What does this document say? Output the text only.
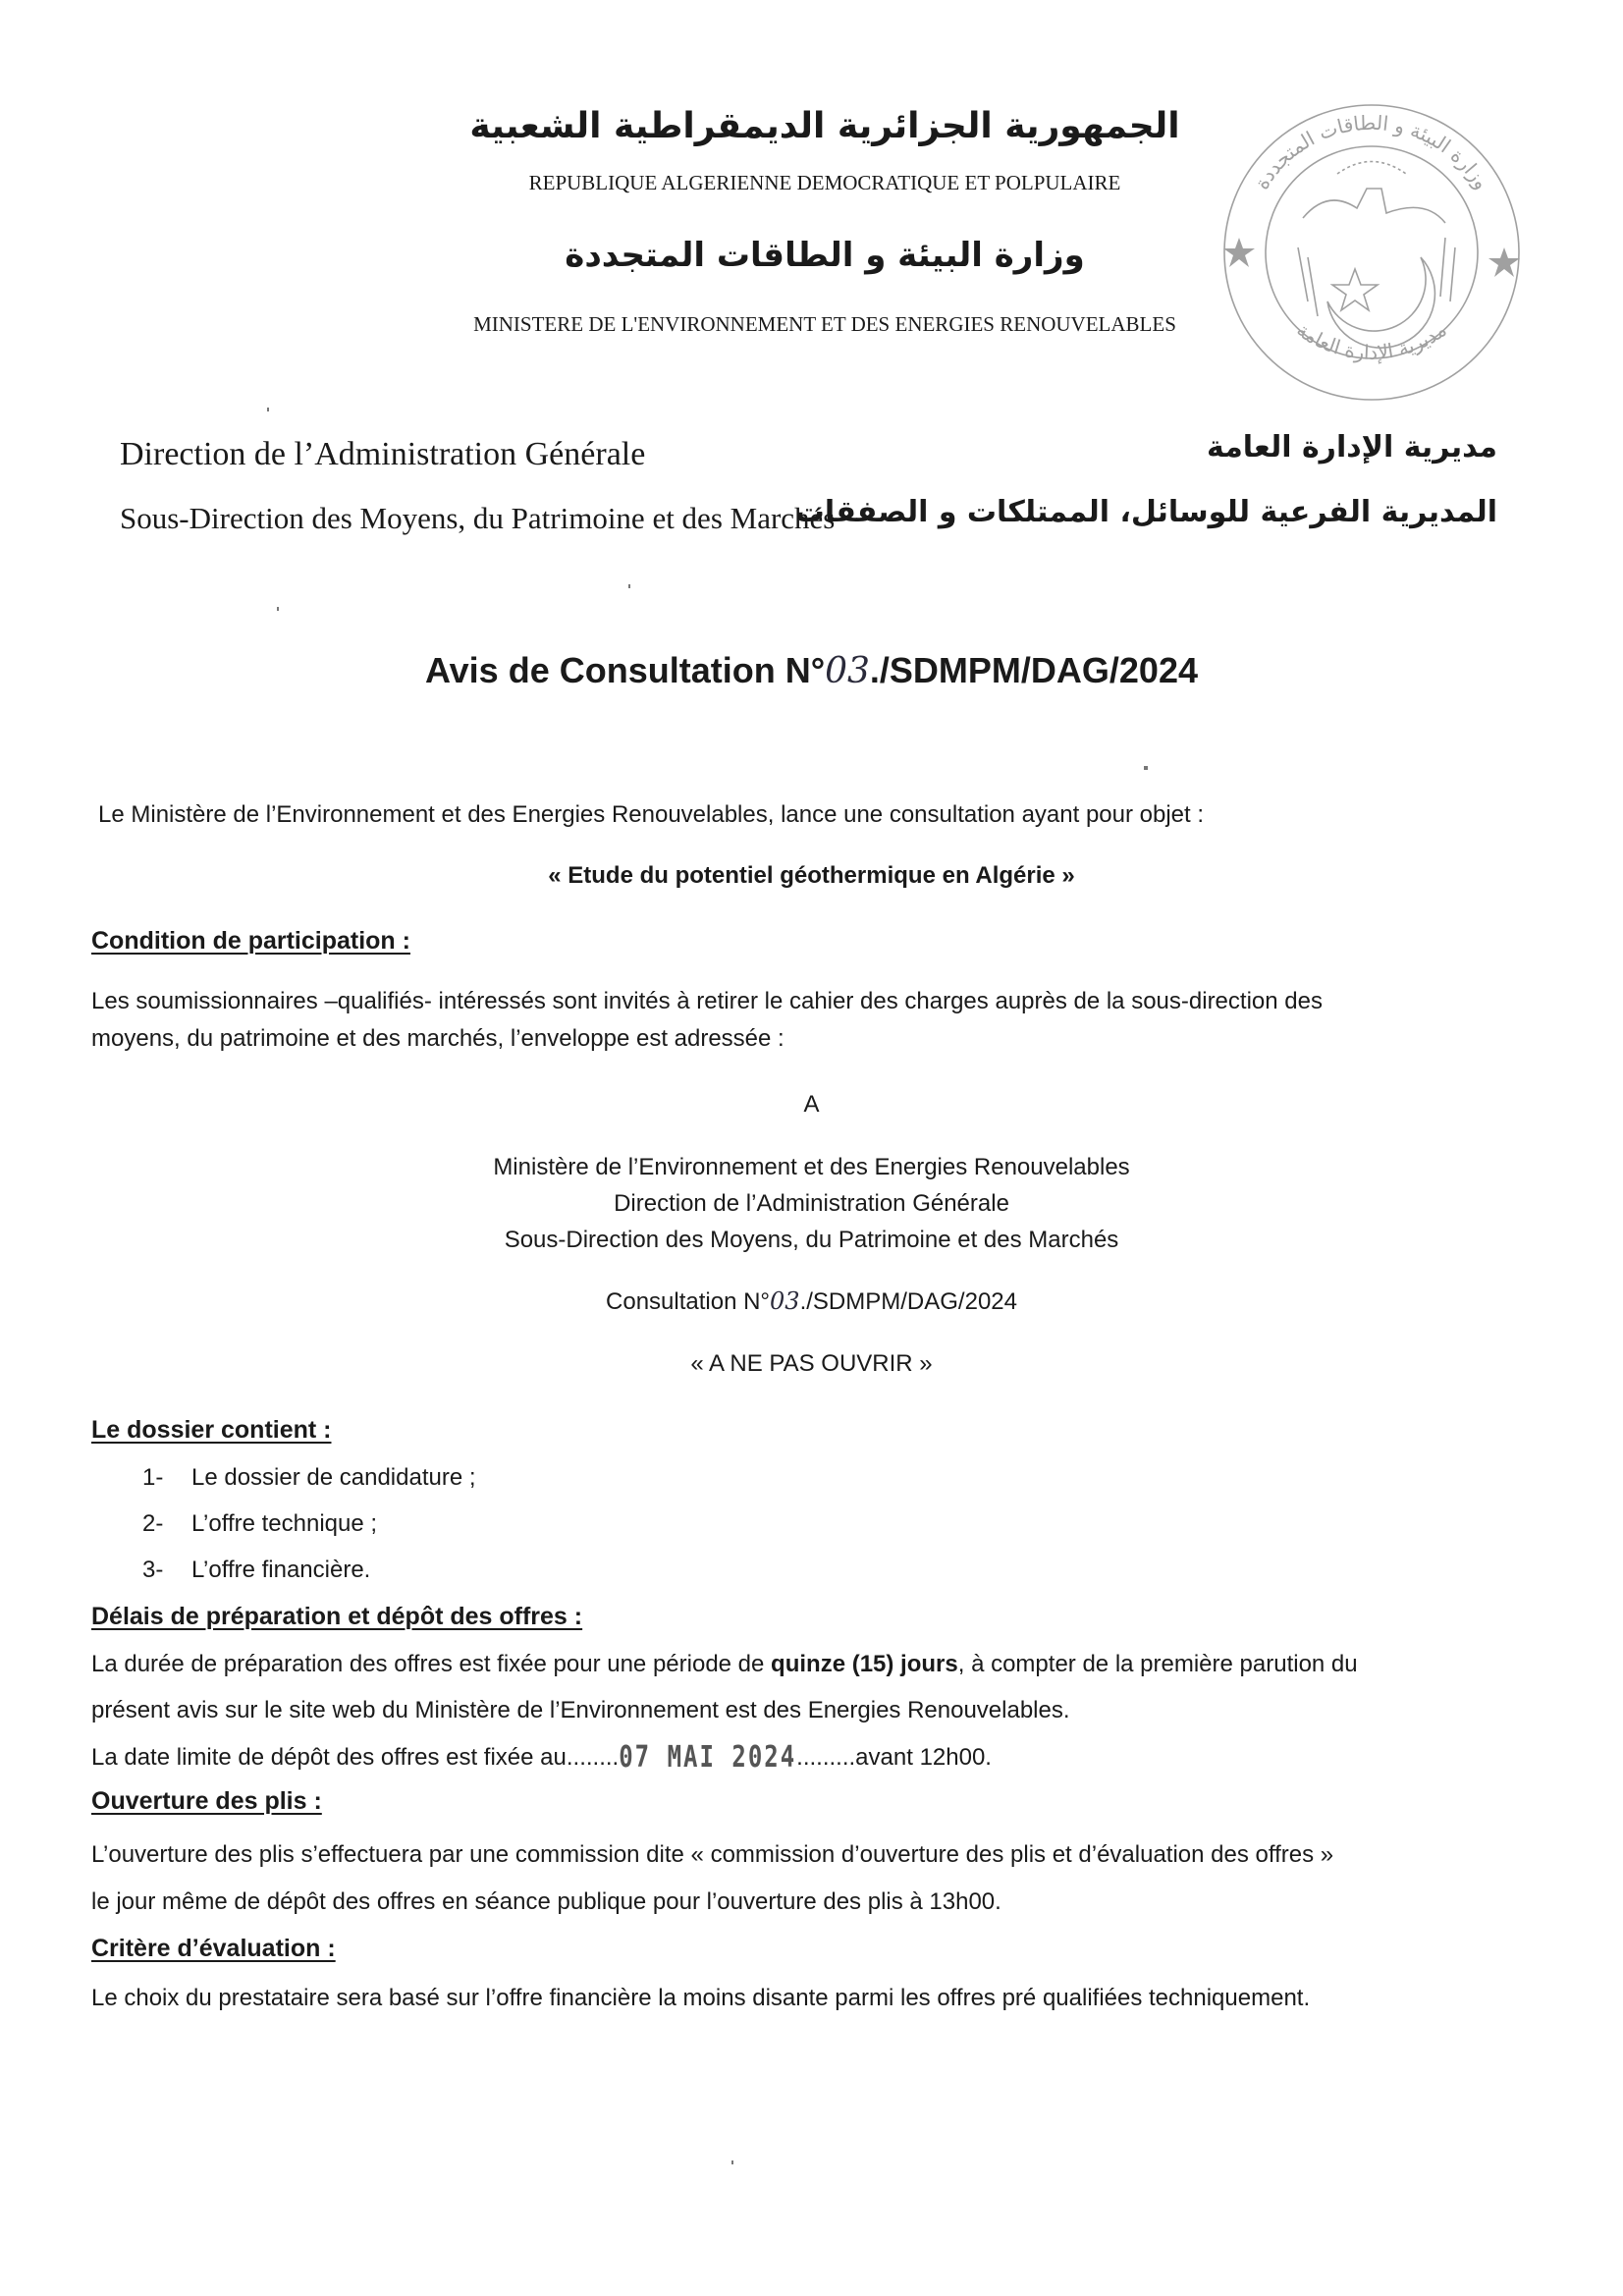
الجمهورية الجزائرية الديمقراطية الشعبية
REPUBLIQUE ALGERIENNE DEMOCRATIQUE ET POLPULAIRE
وزارة البيئة و الطاقات المتجددة
MINISTERE DE L'ENVIRONNEMENT ET DES ENERGIES RENOUVELABLES
وزارة البيئة و الطاقات المتجددة
مديرية الإدارة العامة
Direction de l’Administration Générale
Sous-Direction des Moyens, du Patrimoine et des Marchés
مديرية الإدارة العامة
المديرية الفرعية للوسائل، الممتلكات و الصفقات
Avis de Consultation N°03./SDMPM/DAG/2024
Le Ministère de l’Environnement et des Energies Renouvelables, lance une consultation ayant pour objet :
« Etude du potentiel géothermique en Algérie »
Condition de participation :
Les soumissionnaires –qualifiés- intéressés sont invités à retirer le cahier des charges auprès de la sous-direction des
moyens, du patrimoine et des marchés, l’enveloppe est adressée :
A
Ministère de l’Environnement et des Energies Renouvelables
Direction de l’Administration Générale
Sous-Direction des Moyens, du Patrimoine et des Marchés
Consultation N°03./SDMPM/DAG/2024
« A NE PAS OUVRIR »
Le dossier contient :
1- Le dossier de candidature ;
2- L’offre technique ;
3- L’offre financière.
Délais de préparation et dépôt des offres :
La durée de préparation des offres est fixée pour une période de quinze (15) jours, à compter de la première parution du
présent avis sur le site web du Ministère de l’Environnement est des Energies Renouvelables.
La date limite de dépôt des offres est fixée au........07 MAI 2024.........avant 12h00.
Ouverture des plis :
L’ouverture des plis s’effectuera par une commission dite « commission d’ouverture des plis et d’évaluation des offres »
le jour même de dépôt des offres en séance publique pour l’ouverture des plis à 13h00.
Critère d’évaluation :
Le choix du prestataire sera basé sur l’offre financière la moins disante parmi les offres pré qualifiées techniquement.
